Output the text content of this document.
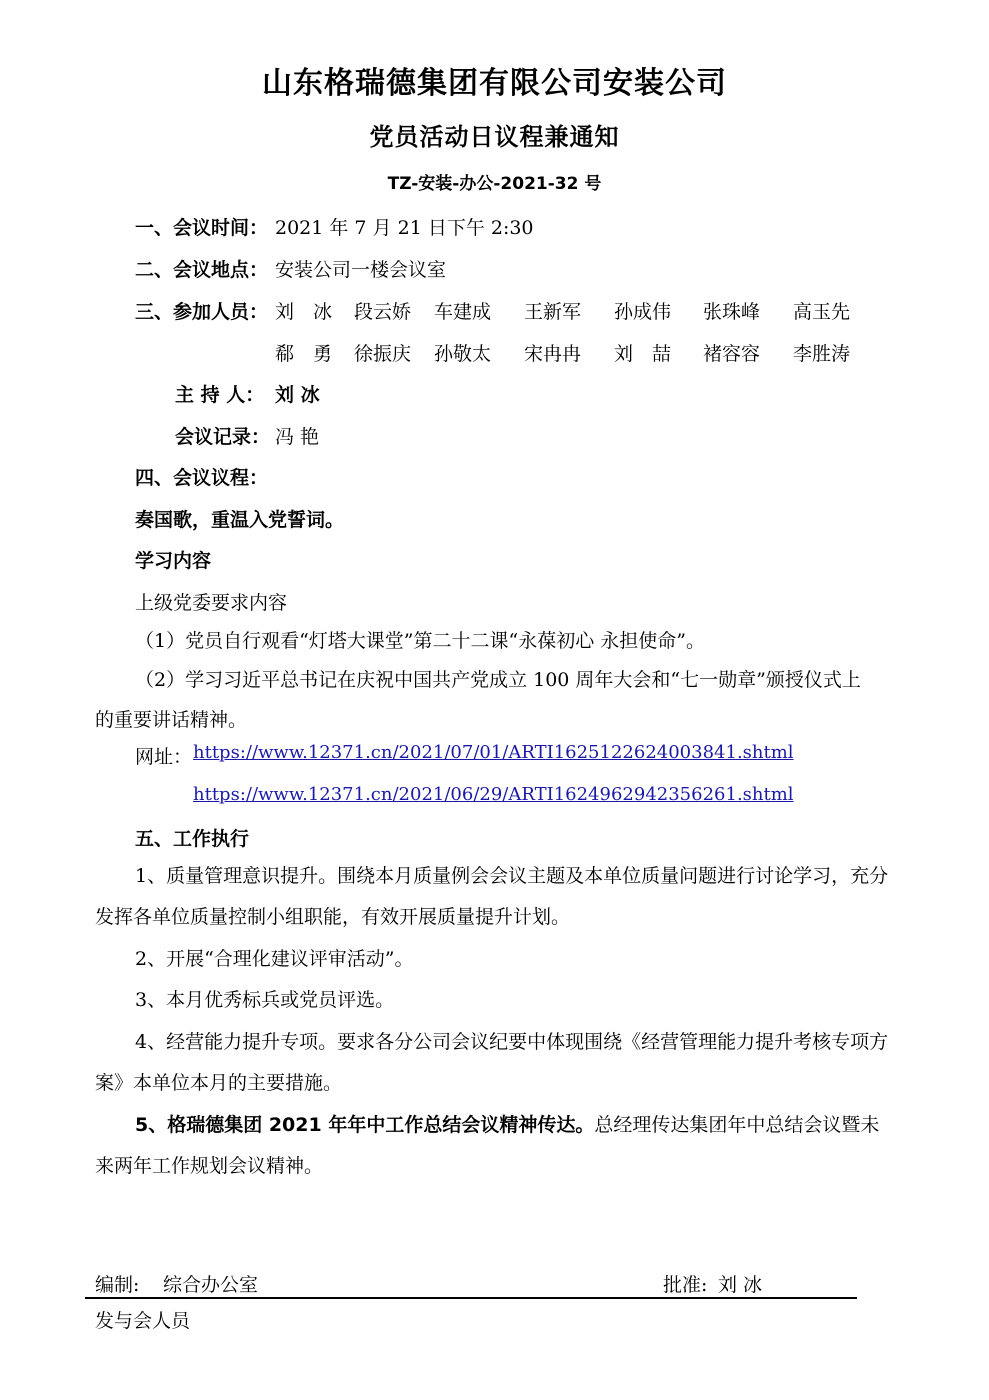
山东格瑞德集团有限公司安装公司
党员活动日议程兼通知
TZ-安装-办公-2021-32 号
一、会议时间： 2021 年 7 月 21 日下午 2:30
二、会议地点： 安装公司一楼会议室
三、参加人员： 刘　冰 段云娇 车建成 王新军 孙成伟 张珠峰 高玉先
郗　勇 徐振庆 孙敬太 宋冉冉 刘　喆 褚容容 李胜涛
主 持 人： 刘 冰
会议记录： 冯 艳
四、会议议程：
奏国歌，重温入党誓词。
学习内容
上级党委要求内容
（1）党员自行观看“灯塔大课堂”第二十二课“永葆初心 永担使命”。
（2）学习习近平总书记在庆祝中国共产党成立 100 周年大会和“七一勋章”颁授仪式上
的重要讲话精神。
网址： https://www.12371.cn/2021/07/01/ARTI1625122624003841.shtml
https://www.12371.cn/2021/06/29/ARTI1624962942356261.shtml
五、工作执行
1、质量管理意识提升。围绕本月质量例会会议主题及本单位质量问题进行讨论学习，充分发挥各单位质量控制小组职能，有效开展质量提升计划。
2、开展“合理化建议评审活动”。
3、本月优秀标兵或党员评选。
4、经营能力提升专项。要求各分公司会议纪要中体现围绕《经营管理能力提升考核专项方案》本单位本月的主要措施。
5、格瑞德集团 2021 年年中工作总结会议精神传达。总经理传达集团年中总结会议暨未来两年工作规划会议精神。
编制: 综合办公室	批准: 刘 冰
发与会人员
